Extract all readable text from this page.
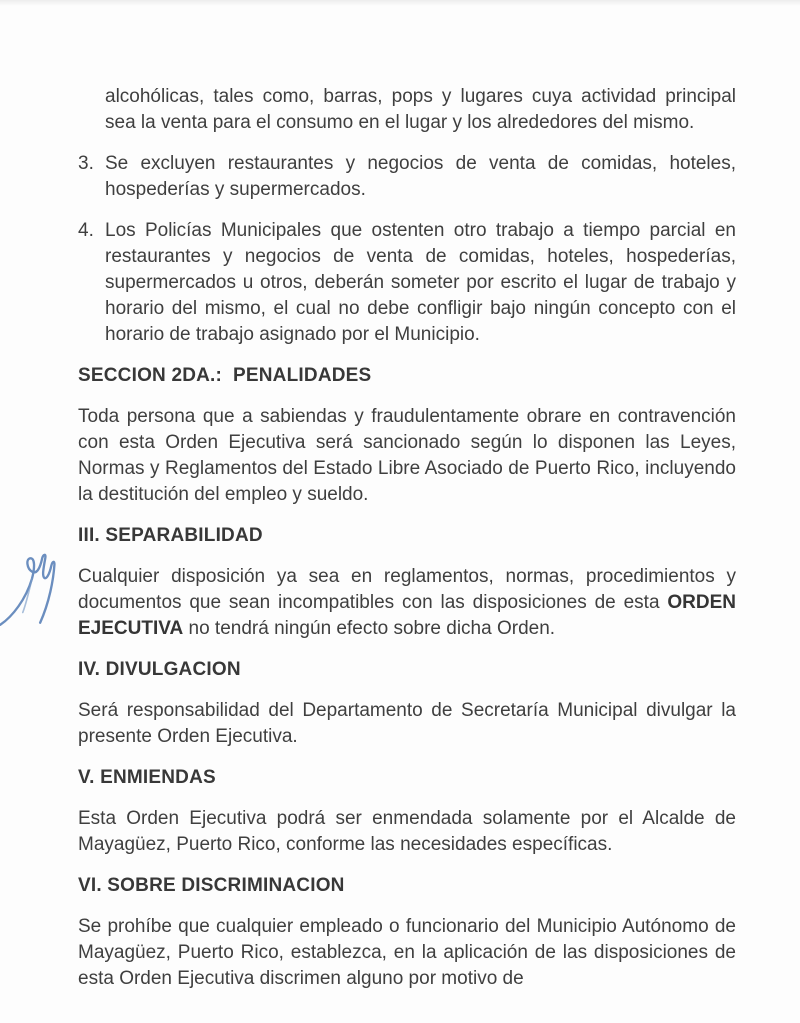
alcohólicas, tales como, barras, pops y lugares cuya actividad principal sea la venta para el consumo en el lugar y los alrededores del mismo.
3. Se excluyen restaurantes y negocios de venta de comidas, hoteles, hospederías y supermercados.
4. Los Policías Municipales que ostenten otro trabajo a tiempo parcial en restaurantes y negocios de venta de comidas, hoteles, hospederías, supermercados u otros, deberán someter por escrito el lugar de trabajo y horario del mismo, el cual no debe confligir bajo ningún concepto con el horario de trabajo asignado por el Municipio.
SECCION 2DA.:  PENALIDADES
Toda persona que a sabiendas y fraudulentamente obrare en contravención con esta Orden Ejecutiva será sancionado según lo disponen las Leyes, Normas y Reglamentos del Estado Libre Asociado de Puerto Rico, incluyendo la destitución del empleo y sueldo.
III. SEPARABILIDAD
Cualquier disposición ya sea en reglamentos, normas, procedimientos y documentos que sean incompatibles con las disposiciones de esta ORDEN EJECUTIVA no tendrá ningún efecto sobre dicha Orden.
IV. DIVULGACION
Será responsabilidad del Departamento de Secretaría Municipal divulgar la presente Orden Ejecutiva.
V. ENMIENDAS
Esta Orden Ejecutiva podrá ser enmendada solamente por el Alcalde de Mayagüez, Puerto Rico, conforme las necesidades específicas.
VI. SOBRE DISCRIMINACION
Se prohíbe que cualquier empleado o funcionario del Municipio Autónomo de Mayagüez, Puerto Rico, establezca, en la aplicación de las disposiciones de esta Orden Ejecutiva discrimen alguno por motivo de
